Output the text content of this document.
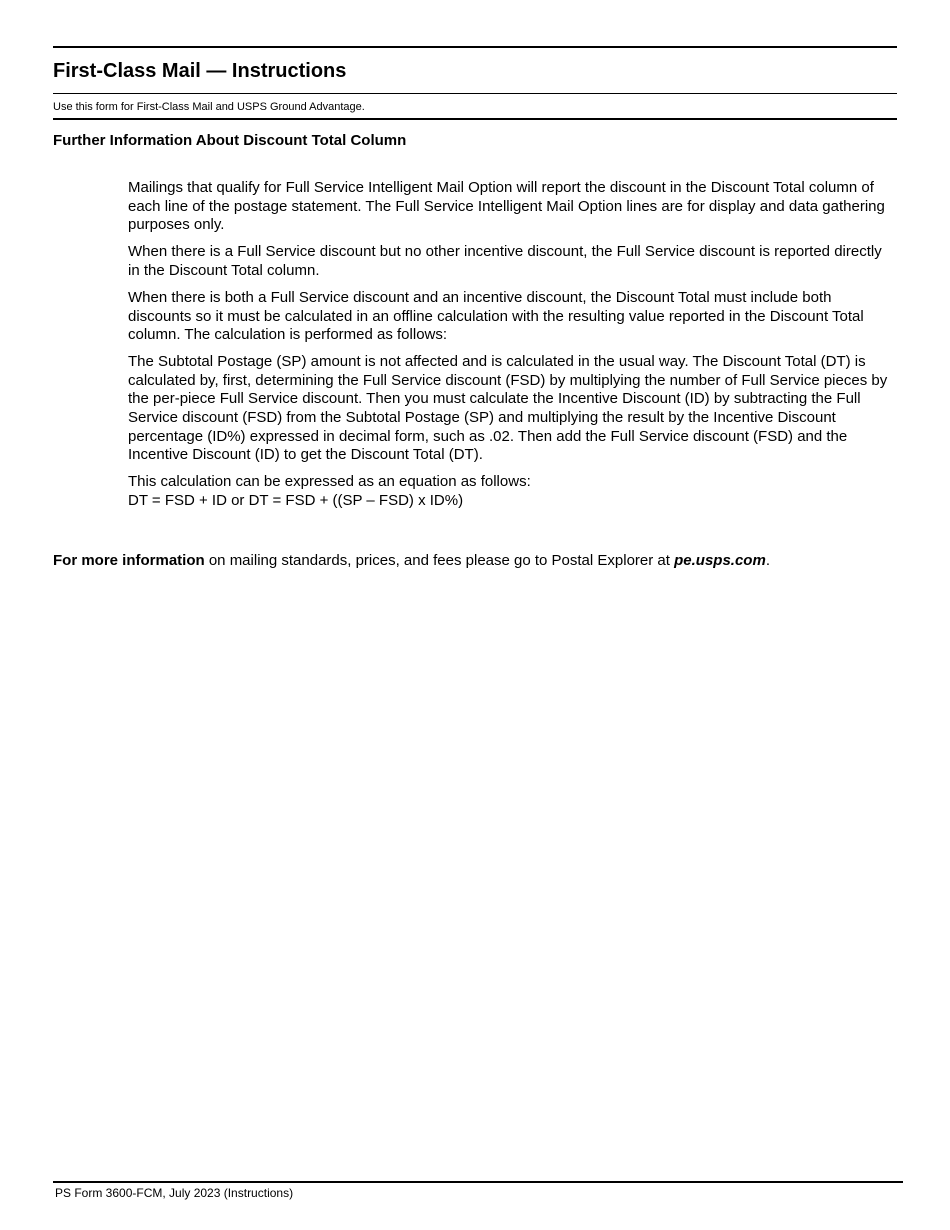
First-Class Mail — Instructions
Use this form for First-Class Mail and USPS Ground Advantage.
Further Information About Discount Total Column

Mailings that qualify for Full Service Intelligent Mail Option will report the discount in the Discount Total column of each line of the postage statement. The Full Service Intelligent Mail Option lines are for display and data gathering purposes only.

When there is a Full Service discount but no other incentive discount, the Full Service discount is reported directly in the Discount Total column.

When there is both a Full Service discount and an incentive discount, the Discount Total must include both discounts so it must be calculated in an offline calculation with the resulting value reported in the Discount Total column. The calculation is performed as follows:

The Subtotal Postage (SP) amount is not affected and is calculated in the usual way. The Discount Total (DT) is calculated by, first, determining the Full Service discount (FSD) by multiplying the number of Full Service pieces by the per-piece Full Service discount. Then you must calculate the Incentive Discount (ID) by subtracting the Full Service discount (FSD) from the Subtotal Postage (SP) and multiplying the result by the Incentive Discount percentage (ID%) expressed in decimal form, such as .02. Then add the Full Service discount (FSD) and the Incentive Discount (ID) to get the Discount Total (DT).

This calculation can be expressed as an equation as follows:

DT = FSD + ID or DT = FSD + ((SP – FSD) x ID%)

For more information on mailing standards, prices, and fees please go to Postal Explorer at pe.usps.com.
PS Form 3600-FCM, July 2023 (Instructions)
